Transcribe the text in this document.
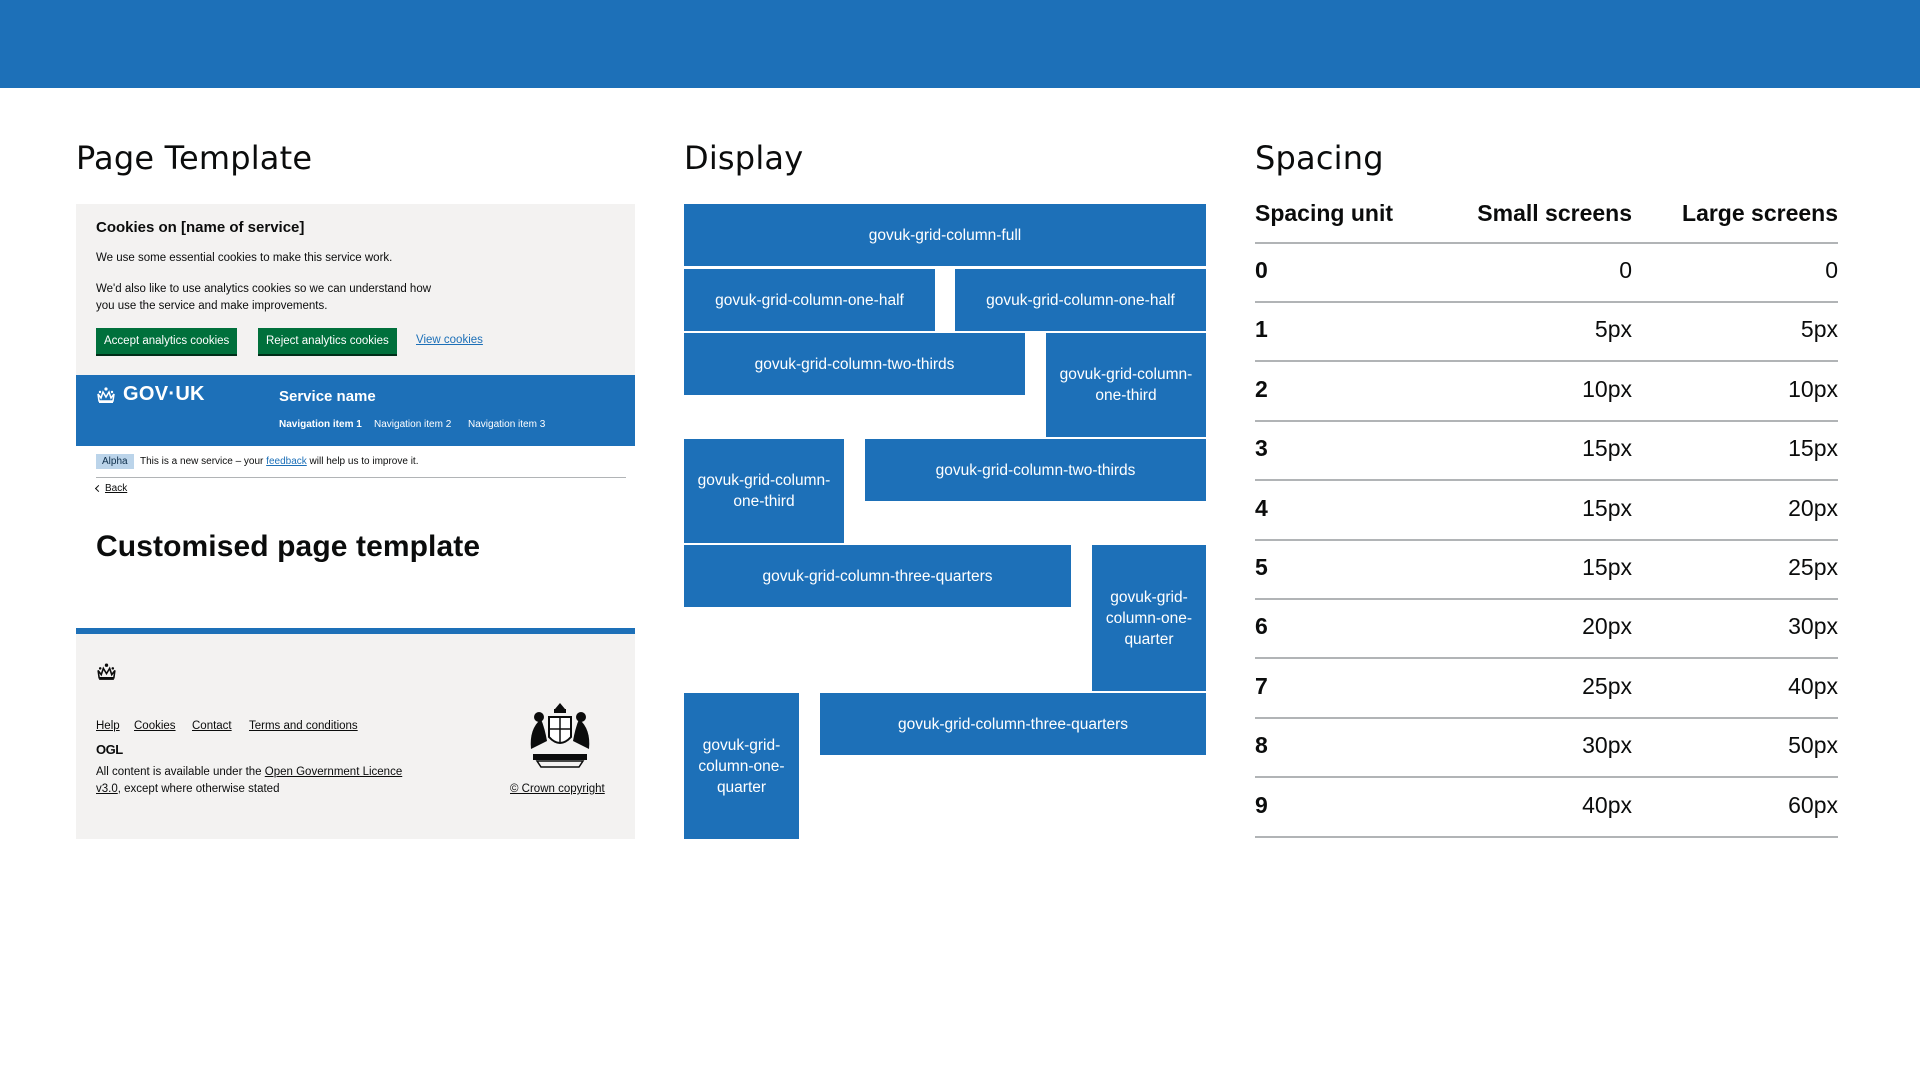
Page Template	Display	Spacing
Cookies on [name of service]
We use some essential cookies to make this service work.
We'd also like to use analytics cookies so we can understand how you use the service and make improvements.
Accept analytics cookies	Reject analytics cookies	View cookies
GOV·UK	Service name
Navigation item 1 Navigation item 2 Navigation item 3
Alpha	This is a new service – your feedback will help us to improve it.
Back
Customised page template
Help Cookies Contact Terms and conditions
OGL
All content is available under the Open Government Licence v3.0, except where otherwise stated	© Crown copyright
govuk-grid-column-full
govuk-grid-column-one-half	govuk-grid-column-one-half
govuk-grid-column-two-thirds
govuk-grid-column-one-third
govuk-grid-column-one-third
govuk-grid-column-two-thirds
govuk-grid-column-three-quarters
govuk-grid-column-one-quarter
govuk-grid-column-one-quarter
govuk-grid-column-three-quarters
Spacing unit	Small screens	Large screens
0	0	0
1	5px	5px
2	10px	10px
3	15px	15px
4	15px	20px
5	15px	25px
6	20px	30px
7	25px	40px
8	30px	50px
9	40px	60px
